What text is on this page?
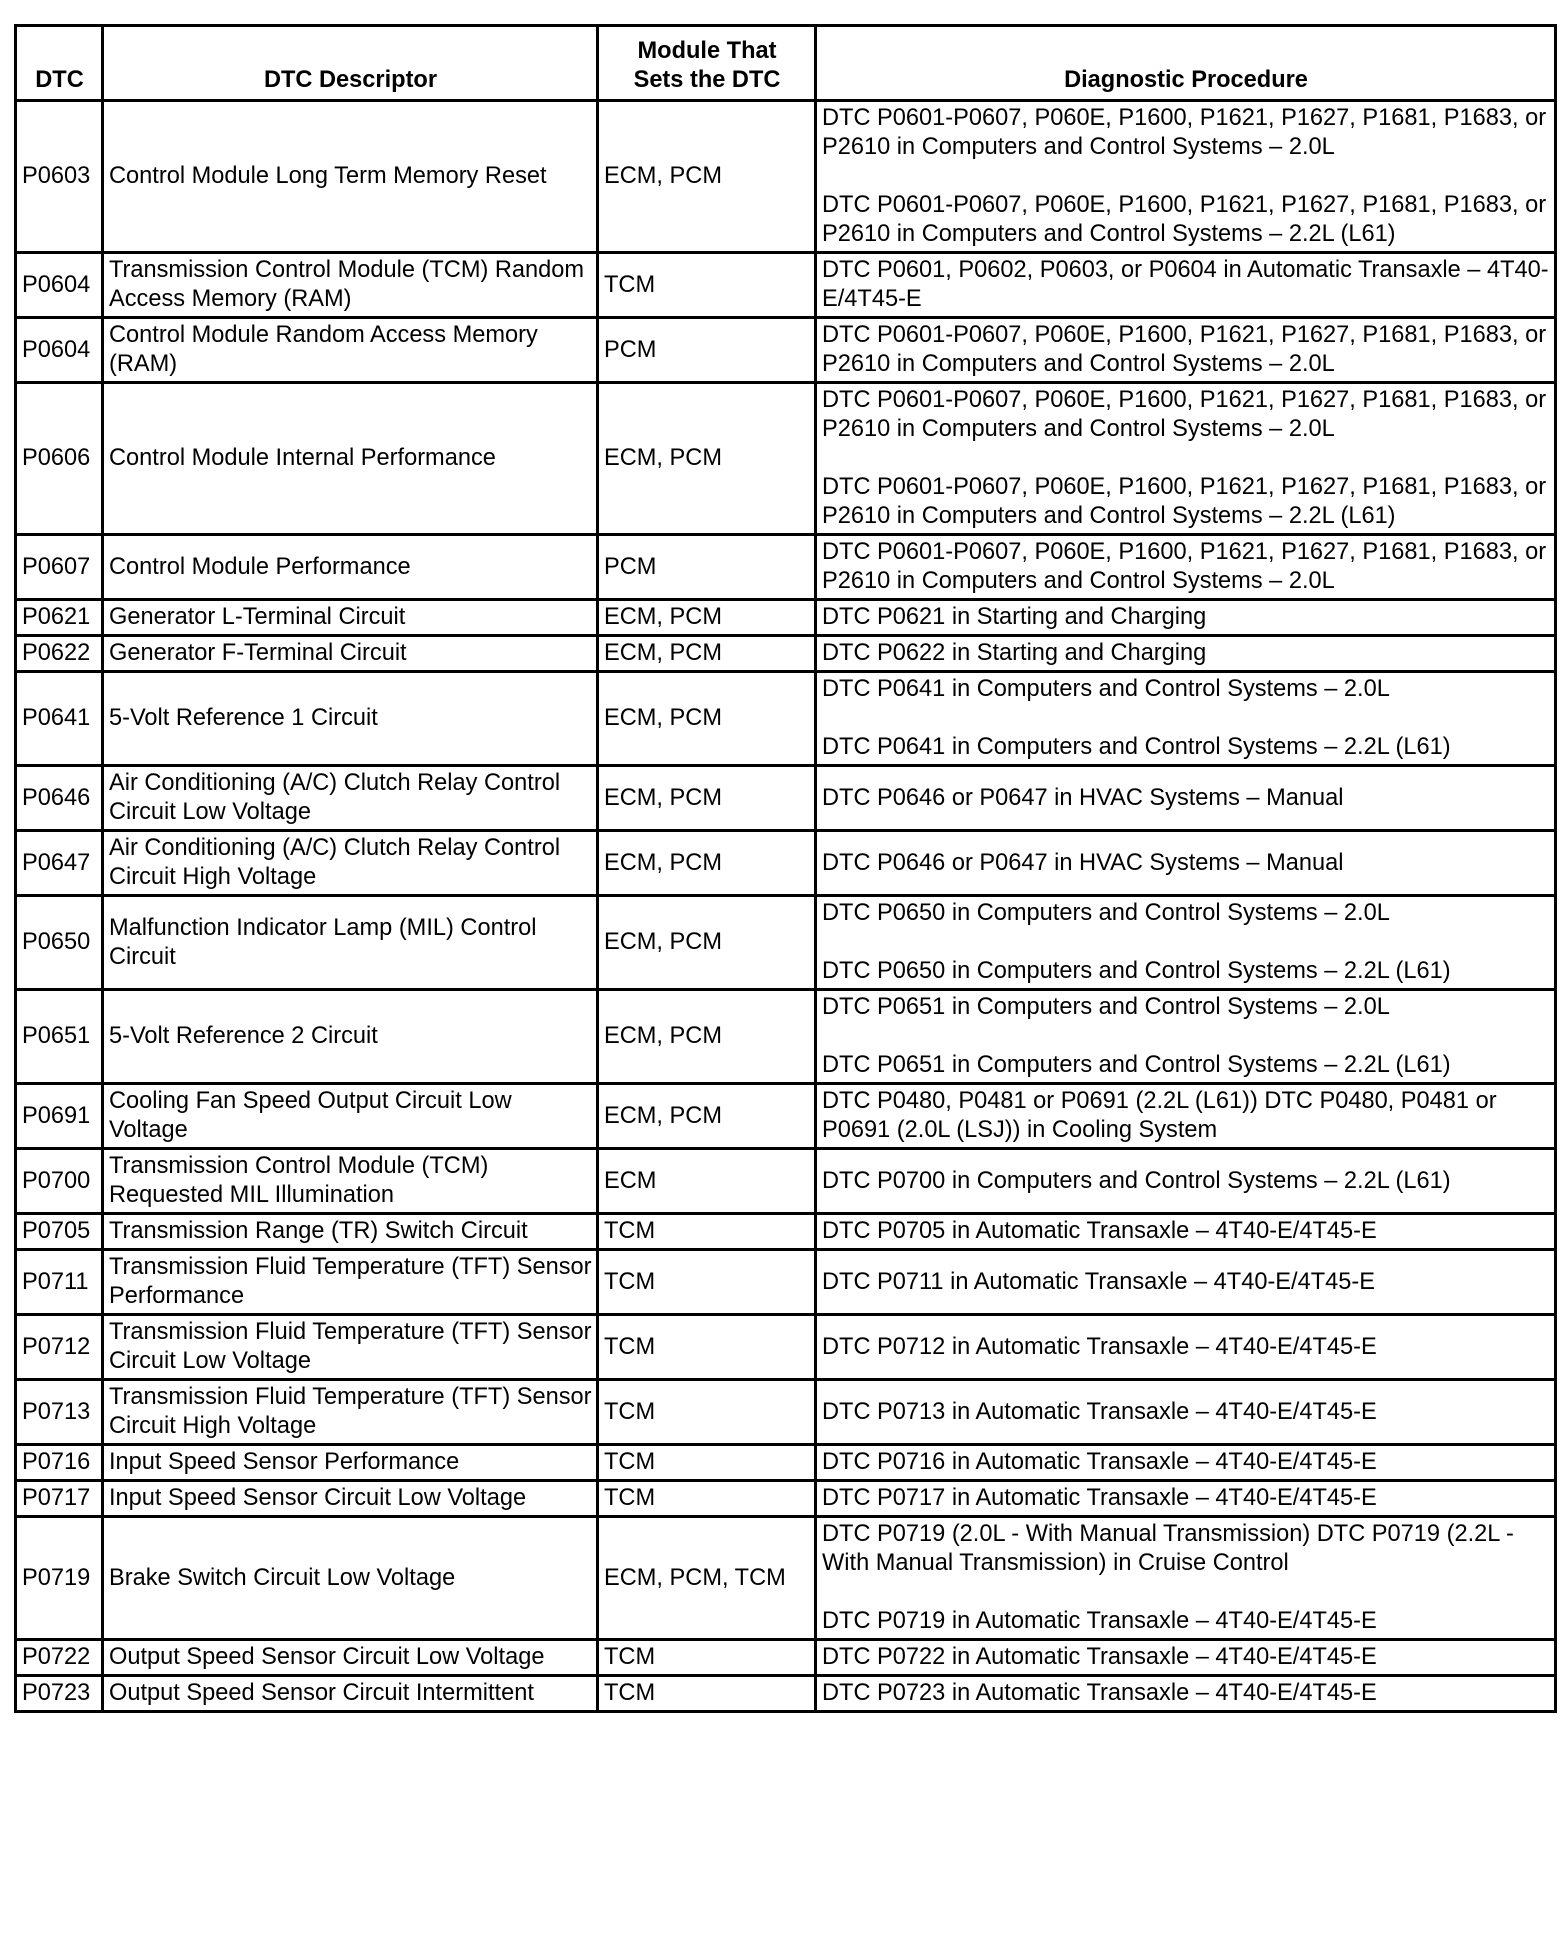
DTC	DTC Descriptor	Module That
Sets the DTC	Diagnostic Procedure
P0603	Control Module Long Term Memory Reset	ECM, PCM	DTC P0601-P0607, P060E, P1600, P1621, P1627, P1681, P1683, or P2610 in Computers and Control Systems – 2.0L
DTC P0601-P0607, P060E, P1600, P1621, P1627, P1681, P1683, or P2610 in Computers and Control Systems – 2.2L (L61)

P0604	Transmission Control Module (TCM) Random Access Memory (RAM)	TCM	DTC P0601, P0602, P0603, or P0604 in Automatic Transaxle – 4T40-E/4T45-E

P0604	Control Module Random Access Memory (RAM)	PCM	DTC P0601-P0607, P060E, P1600, P1621, P1627, P1681, P1683, or P2610 in Computers and Control Systems – 2.0L

P0606	Control Module Internal Performance	ECM, PCM	DTC P0601-P0607, P060E, P1600, P1621, P1627, P1681, P1683, or P2610 in Computers and Control Systems – 2.0L
DTC P0601-P0607, P060E, P1600, P1621, P1627, P1681, P1683, or P2610 in Computers and Control Systems – 2.2L (L61)

P0607	Control Module Performance	PCM	DTC P0601-P0607, P060E, P1600, P1621, P1627, P1681, P1683, or P2610 in Computers and Control Systems – 2.0L

P0621	Generator L-Terminal Circuit	ECM, PCM	DTC P0621 in Starting and Charging

P0622	Generator F-Terminal Circuit	ECM, PCM	DTC P0622 in Starting and Charging

P0641	5-Volt Reference 1 Circuit	ECM, PCM	DTC P0641 in Computers and Control Systems – 2.0L
DTC P0641 in Computers and Control Systems – 2.2L (L61)

P0646	Air Conditioning (A/C) Clutch Relay Control Circuit Low Voltage	ECM, PCM	DTC P0646 or P0647 in HVAC Systems – Manual

P0647	Air Conditioning (A/C) Clutch Relay Control Circuit High Voltage	ECM, PCM	DTC P0646 or P0647 in HVAC Systems – Manual

P0650	Malfunction Indicator Lamp (MIL) Control Circuit	ECM, PCM	DTC P0650 in Computers and Control Systems – 2.0L
DTC P0650 in Computers and Control Systems – 2.2L (L61)

P0651	5-Volt Reference 2 Circuit	ECM, PCM	DTC P0651 in Computers and Control Systems – 2.0L
DTC P0651 in Computers and Control Systems – 2.2L (L61)

P0691	Cooling Fan Speed Output Circuit Low Voltage	ECM, PCM	DTC P0480, P0481 or P0691 (2.2L (L61)) DTC P0480, P0481 or P0691 (2.0L (LSJ)) in Cooling System

P0700	Transmission Control Module (TCM) Requested MIL Illumination	ECM	DTC P0700 in Computers and Control Systems – 2.2L (L61)

P0705	Transmission Range (TR) Switch Circuit	TCM	DTC P0705 in Automatic Transaxle – 4T40-E/4T45-E

P0711	Transmission Fluid Temperature (TFT) Sensor Performance	TCM	DTC P0711 in Automatic Transaxle – 4T40-E/4T45-E

P0712	Transmission Fluid Temperature (TFT) Sensor Circuit Low Voltage	TCM	DTC P0712 in Automatic Transaxle – 4T40-E/4T45-E

P0713	Transmission Fluid Temperature (TFT) Sensor Circuit High Voltage	TCM	DTC P0713 in Automatic Transaxle – 4T40-E/4T45-E

P0716	Input Speed Sensor Performance	TCM	DTC P0716 in Automatic Transaxle – 4T40-E/4T45-E

P0717	Input Speed Sensor Circuit Low Voltage	TCM	DTC P0717 in Automatic Transaxle – 4T40-E/4T45-E

P0719	Brake Switch Circuit Low Voltage	ECM, PCM, TCM	DTC P0719 (2.0L - With Manual Transmission) DTC P0719 (2.2L - With Manual Transmission) in Cruise Control
DTC P0719 in Automatic Transaxle – 4T40-E/4T45-E

P0722	Output Speed Sensor Circuit Low Voltage	TCM	DTC P0722 in Automatic Transaxle – 4T40-E/4T45-E

P0723	Output Speed Sensor Circuit Intermittent	TCM	DTC P0723 in Automatic Transaxle – 4T40-E/4T45-E
